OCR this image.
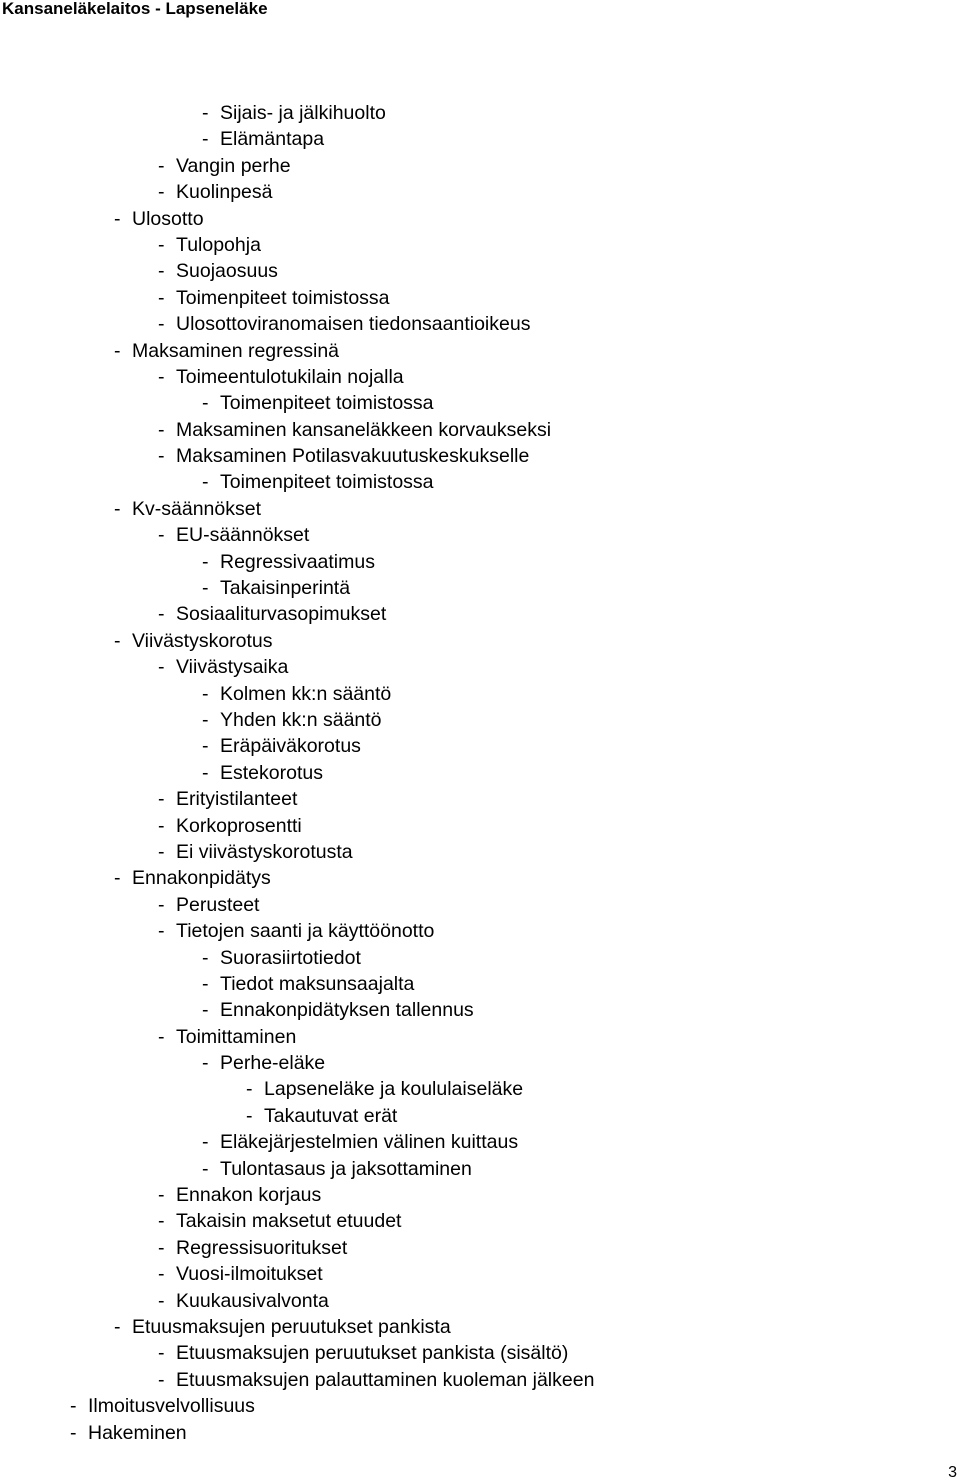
Kansaneläkelaitos - Lapseneläke
- Sijais- ja jälkihuolto
- Elämäntapa
- Vangin perhe
- Kuolinpesä
- Ulosotto
- Tulopohja
- Suojaosuus
- Toimenpiteet toimistossa
- Ulosottoviranomaisen tiedonsaantioikeus
- Maksaminen regressinä
- Toimeentulotukilain nojalla
- Toimenpiteet toimistossa
- Maksaminen kansaneläkkeen korvaukseksi
- Maksaminen Potilasvakuutuskeskukselle
- Toimenpiteet toimistossa
- Kv-säännökset
- EU-säännökset
- Regressivaatimus
- Takaisinperintä
- Sosiaaliturvasopimukset
- Viivästyskorotus
- Viivästysaika
- Kolmen kk:n sääntö
- Yhden kk:n sääntö
- Eräpäiväkorotus
- Estekorotus
- Erityistilanteet
- Korkoprosentti
- Ei viivästyskorotusta
- Ennakonpidätys
- Perusteet
- Tietojen saanti ja käyttöönotto
- Suorasiirtotiedot
- Tiedot maksunsaajalta
- Ennakonpidätyksen tallennus
- Toimittaminen
- Perhe-eläke
- Lapseneläke ja koululaiseläke
- Takautuvat erät
- Eläkejärjestelmien välinen kuittaus
- Tulontasaus ja jaksottaminen
- Ennakon korjaus
- Takaisin maksetut etuudet
- Regressisuoritukset
- Vuosi-ilmoitukset
- Kuukausivalvonta
- Etuusmaksujen peruutukset pankista
- Etuusmaksujen peruutukset pankista (sisältö)
- Etuusmaksujen palauttaminen kuoleman jälkeen
- Ilmoitusvelvollisuus
- Hakeminen
3
